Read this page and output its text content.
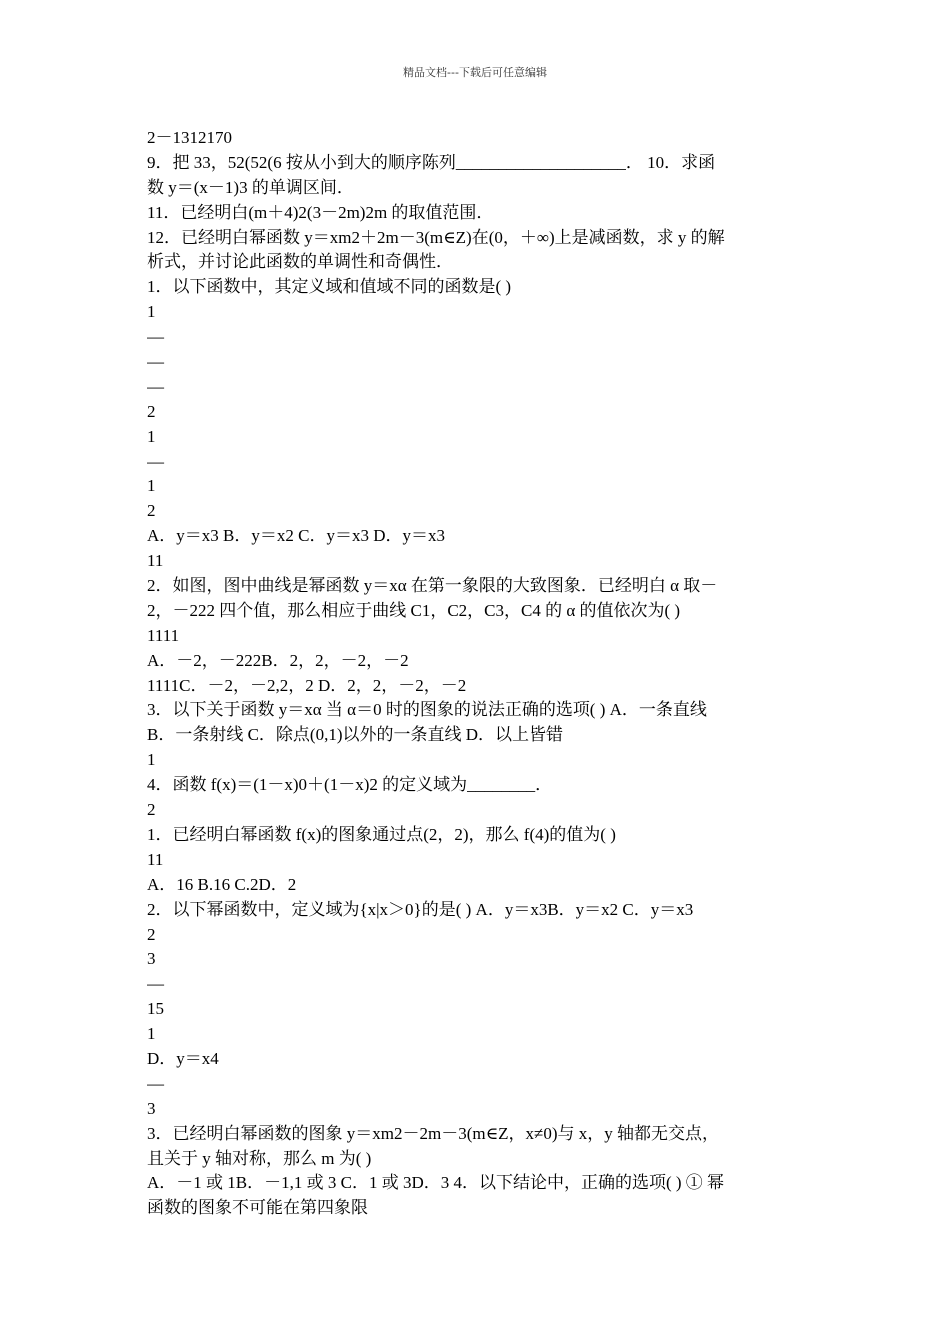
精品文档---下载后可任意编辑
2－1312170
9．把 33，52(52(6 按从小到大的顺序陈列____________________． 10．求函
数 y＝(x－1)3 的单调区间．
11．已经明白(m＋4)2(3－2m)2m 的取值范围．
12．已经明白幂函数 y＝xm2＋2m－3(m∈Z)在(0，＋∞)上是减函数，求 y 的解
析式，并讨论此函数的单调性和奇偶性．
1．以下函数中，其定义域和值域不同的函数是( )
1
—
—
—
2
1
—
1
2
A．y＝x3 B．y＝x2 C．y＝x3 D．y＝x3
11
2．如图，图中曲线是幂函数 y＝xα 在第一象限的大致图象．已经明白 α 取－
2，－222 四个值，那么相应于曲线 C1，C2，C3，C4 的 α 的值依次为( )
1111
A．－2，－222B．2，2，－2，－2
1111C．－2，－2,2，2 D．2，2，－2，－2
3．以下关于函数 y＝xα 当 α＝0 时的图象的说法正确的选项( ) A．一条直线
B．一条射线 C．除点(0,1)以外的一条直线 D．以上皆错
1
4．函数 f(x)＝(1－x)0＋(1－x)2 的定义域为________．
2
1．已经明白幂函数 f(x)的图象通过点(2，2)，那么 f(4)的值为( )
11
A．16 B.16 C.2D．2
2．以下幂函数中，定义域为{x|x＞0}的是( ) A．y＝x3B．y＝x2 C．y＝x3
2
3
—
15
1
D．y＝x4
—
3
3．已经明白幂函数的图象 y＝xm2－2m－3(m∈Z，x≠0)与 x，y 轴都无交点，
且关于 y 轴对称，那么 m 为( )
A．－1 或 1B．－1,1 或 3 C．1 或 3D．3 4．以下结论中，正确的选项( ) ① 幂
函数的图象不可能在第四象限
